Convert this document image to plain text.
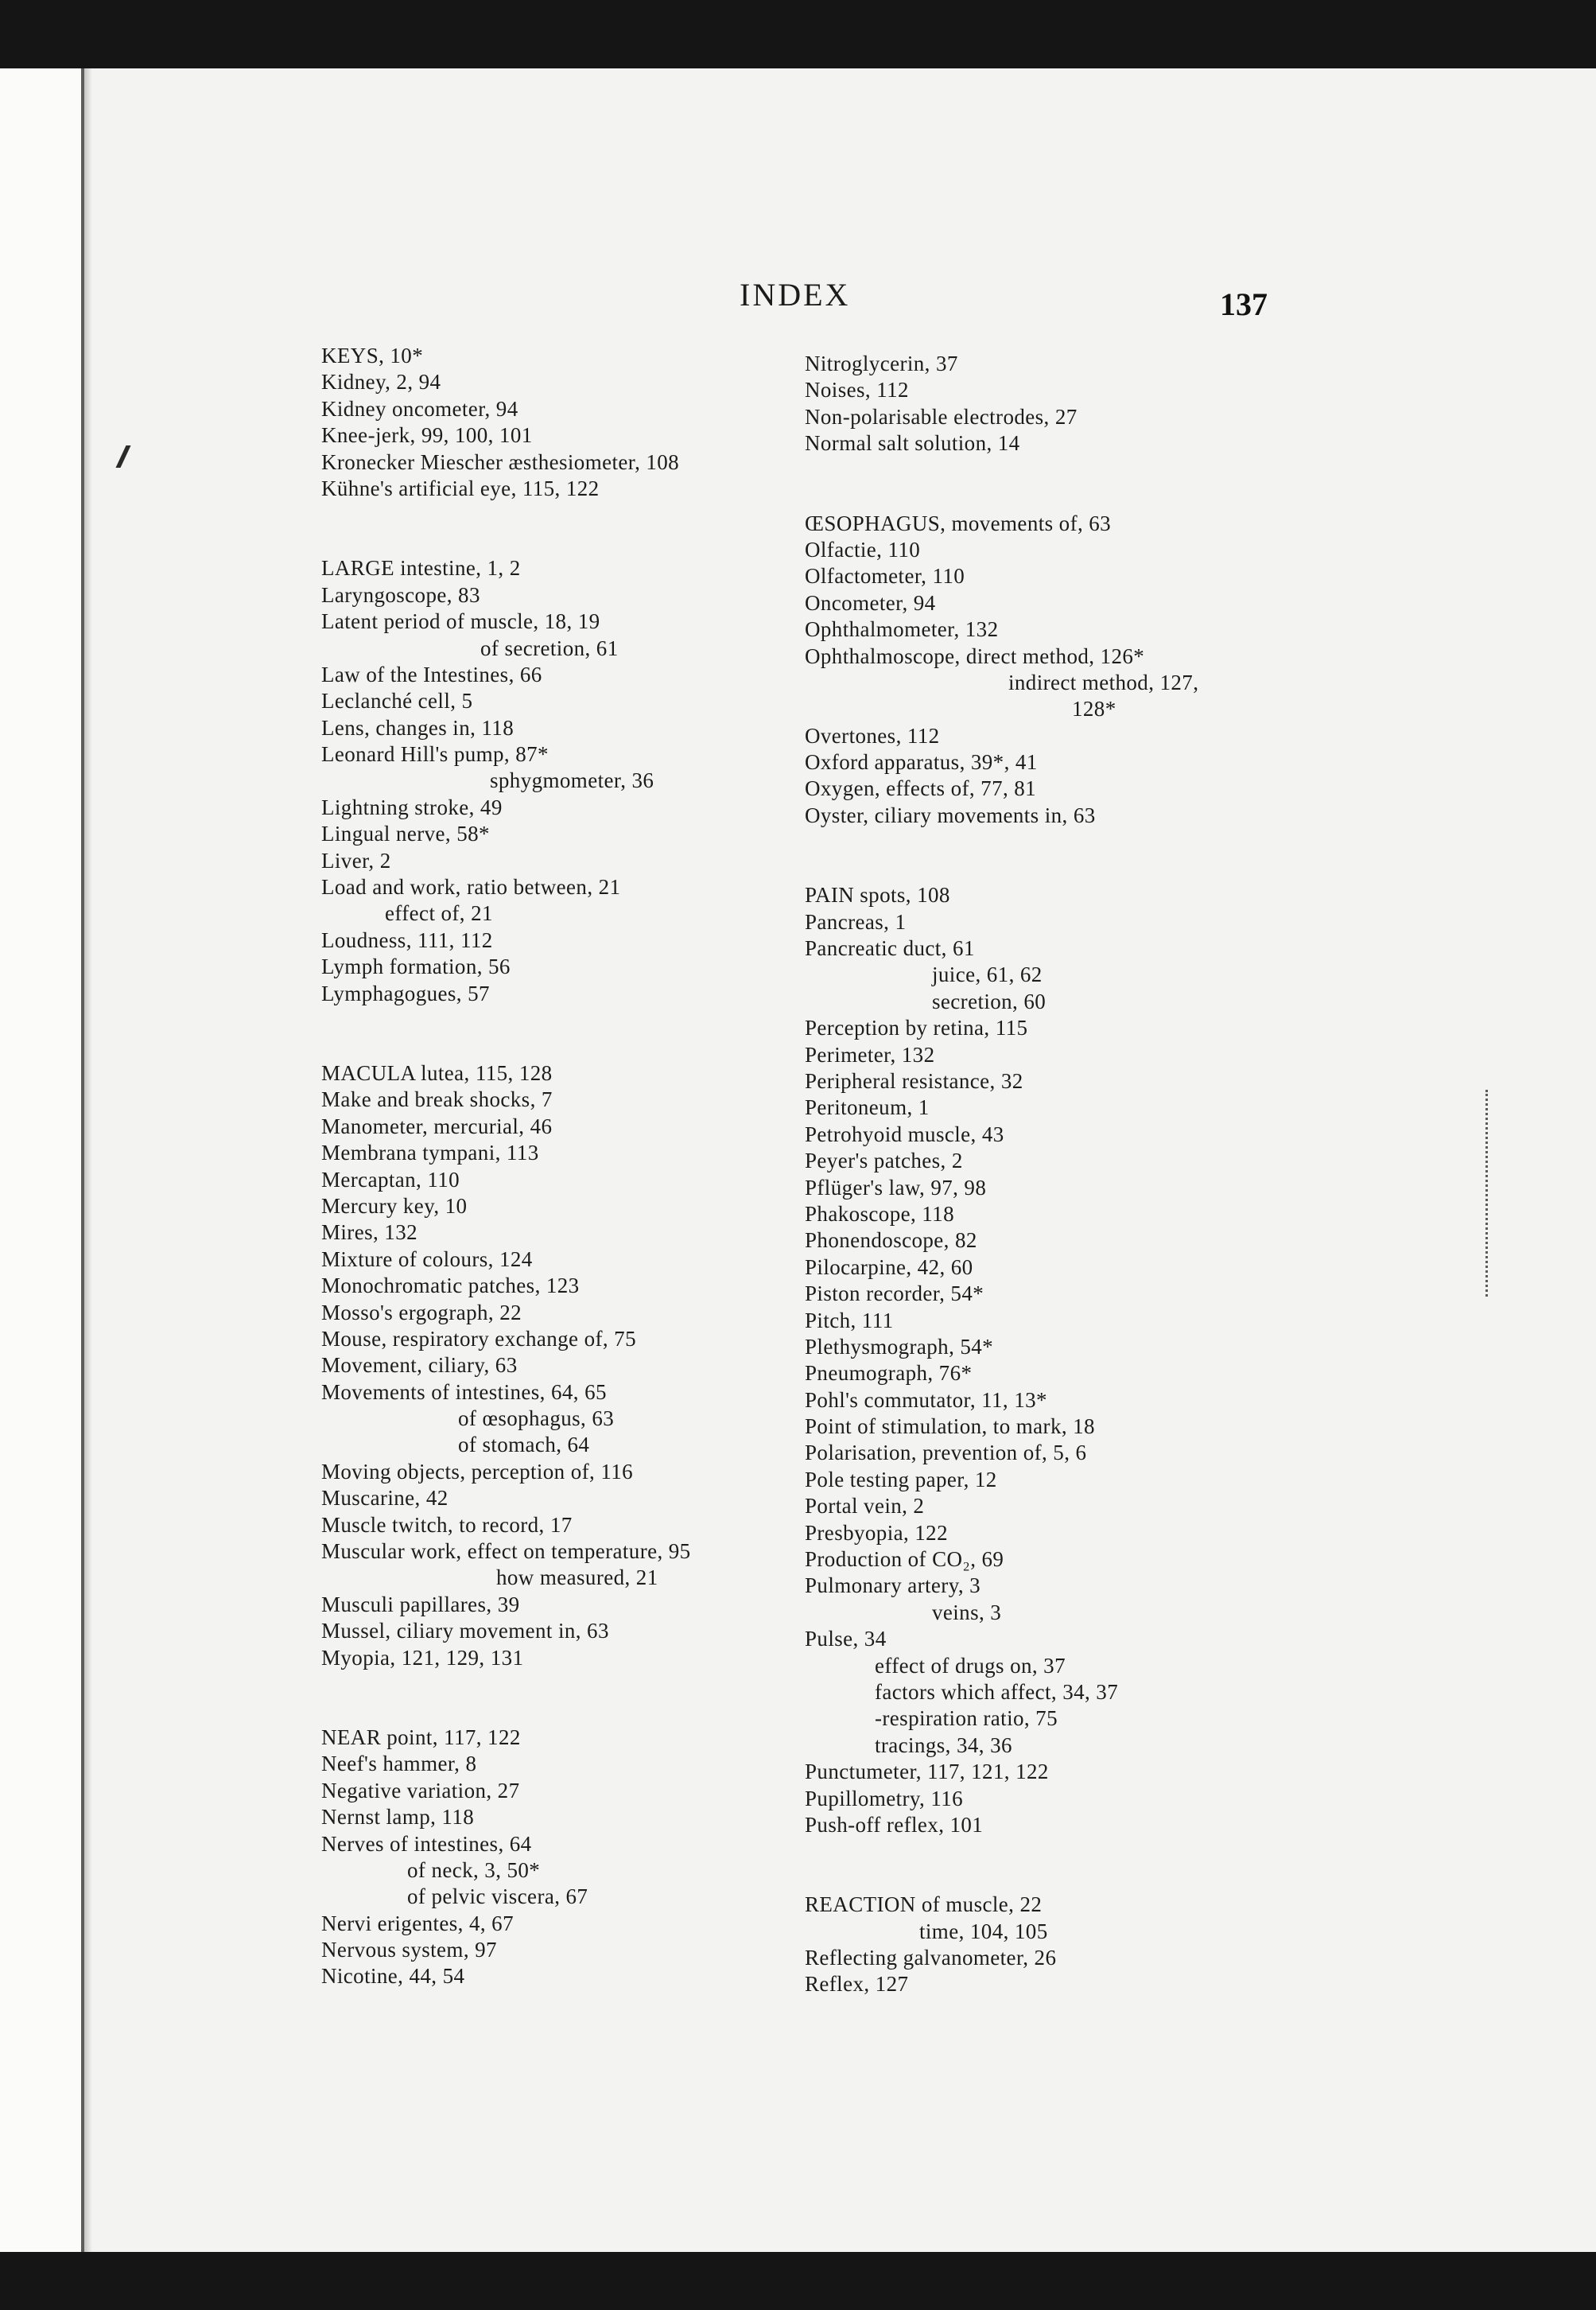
INDEX	137
KEYS, 10*
Kidney, 2, 94
Kidney oncometer, 94
Knee-jerk, 99, 100, 101
Kronecker Miescher æsthesiometer, 108
Kühne's artificial eye, 115, 122
LARGE intestine, 1, 2
Laryngoscope, 83
Latent period of muscle, 18, 19
of secretion, 61
Law of the Intestines, 66
Leclanché cell, 5
Lens, changes in, 118
Leonard Hill's pump, 87*
sphygmometer, 36
Lightning stroke, 49
Lingual nerve, 58*
Liver, 2
Load and work, ratio between, 21
effect of, 21
Loudness, 111, 112
Lymph formation, 56
Lymphagogues, 57
MACULA lutea, 115, 128
Make and break shocks, 7
Manometer, mercurial, 46
Membrana tympani, 113
Mercaptan, 110
Mercury key, 10
Mires, 132
Mixture of colours, 124
Monochromatic patches, 123
Mosso's ergograph, 22
Mouse, respiratory exchange of, 75
Movement, ciliary, 63
Movements of intestines, 64, 65
of œsophagus, 63
of stomach, 64
Moving objects, perception of, 116
Muscarine, 42
Muscle twitch, to record, 17
Muscular work, effect on temperature, 95
how measured, 21
Musculi papillares, 39
Mussel, ciliary movement in, 63
Myopia, 121, 129, 131
NEAR point, 117, 122
Neef's hammer, 8
Negative variation, 27
Nernst lamp, 118
Nerves of intestines, 64
of neck, 3, 50*
of pelvic viscera, 67
Nervi erigentes, 4, 67
Nervous system, 97
Nicotine, 44, 54
Nitroglycerin, 37
Noises, 112
Non-polarisable electrodes, 27
Normal salt solution, 14
ŒSOPHAGUS, movements of, 63
Olfactie, 110
Olfactometer, 110
Oncometer, 94
Ophthalmometer, 132
Ophthalmoscope, direct method, 126*
indirect method, 127,
128*
Overtones, 112
Oxford apparatus, 39*, 41
Oxygen, effects of, 77, 81
Oyster, ciliary movements in, 63
PAIN spots, 108
Pancreas, 1
Pancreatic duct, 61
juice, 61, 62
secretion, 60
Perception by retina, 115
Perimeter, 132
Peripheral resistance, 32
Peritoneum, 1
Petrohyoid muscle, 43
Peyer's patches, 2
Pflüger's law, 97, 98
Phakoscope, 118
Phonendoscope, 82
Pilocarpine, 42, 60
Piston recorder, 54*
Pitch, 111
Plethysmograph, 54*
Pneumograph, 76*
Pohl's commutator, 11, 13*
Point of stimulation, to mark, 18
Polarisation, prevention of, 5, 6
Pole testing paper, 12
Portal vein, 2
Presbyopia, 122
Production of CO₂, 69
Pulmonary artery, 3
veins, 3
Pulse, 34
effect of drugs on, 37
factors which affect, 34, 37
-respiration ratio, 75
tracings, 34, 36
Punctumeter, 117, 121, 122
Pupillometry, 116
Push-off reflex, 101
REACTION of muscle, 22
time, 104, 105
Reflecting galvanometer, 26
Reflex, 127
